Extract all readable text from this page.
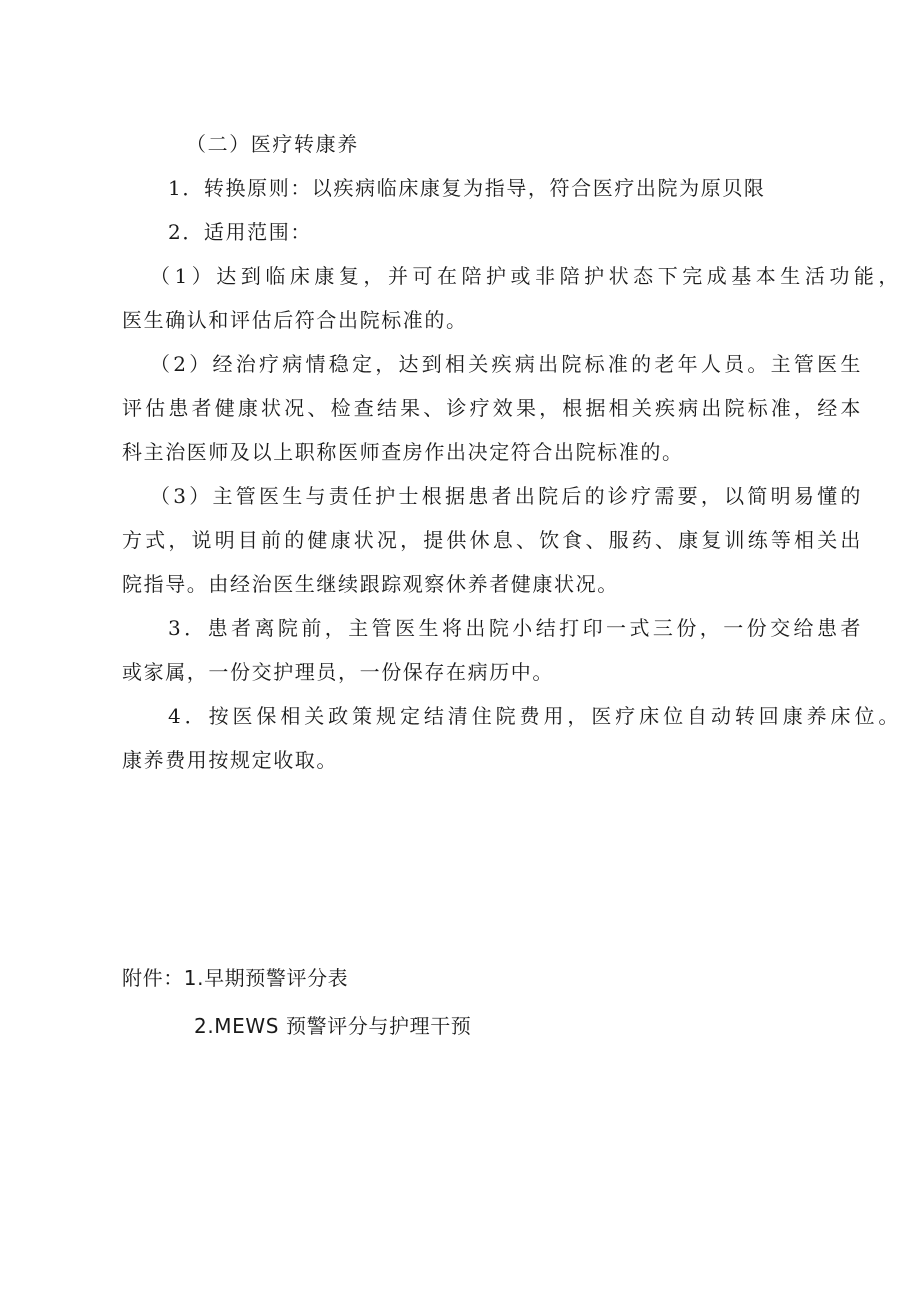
（二）医疗转康养
1．转换原则：以疾病临床康复为指导，符合医疗出院为原贝限
2．适用范围：
（1）达到临床康复，并可在陪护或非陪护状态下完成基本生活功能，
医生确认和评估后符合出院标准的。
（2）经治疗病情稳定，达到相关疾病出院标准的老年人员。主管医生
评估患者健康状况、检查结果、诊疗效果，根据相关疾病出院标准，经本
科主治医师及以上职称医师查房作出决定符合出院标准的。
（3）主管医生与责任护士根据患者出院后的诊疗需要，以简明易懂的
方式，说明目前的健康状况，提供休息、饮食、服药、康复训练等相关出
院指导。由经治医生继续跟踪观察休养者健康状况。
3．患者离院前，主管医生将出院小结打印一式三份，一份交给患者
或家属，一份交护理员，一份保存在病历中。
4．按医保相关政策规定结清住院费用，医疗床位自动转回康养床位。
康养费用按规定收取。
附件：1.早期预警评分表
2.MEWS 预警评分与护理干预
